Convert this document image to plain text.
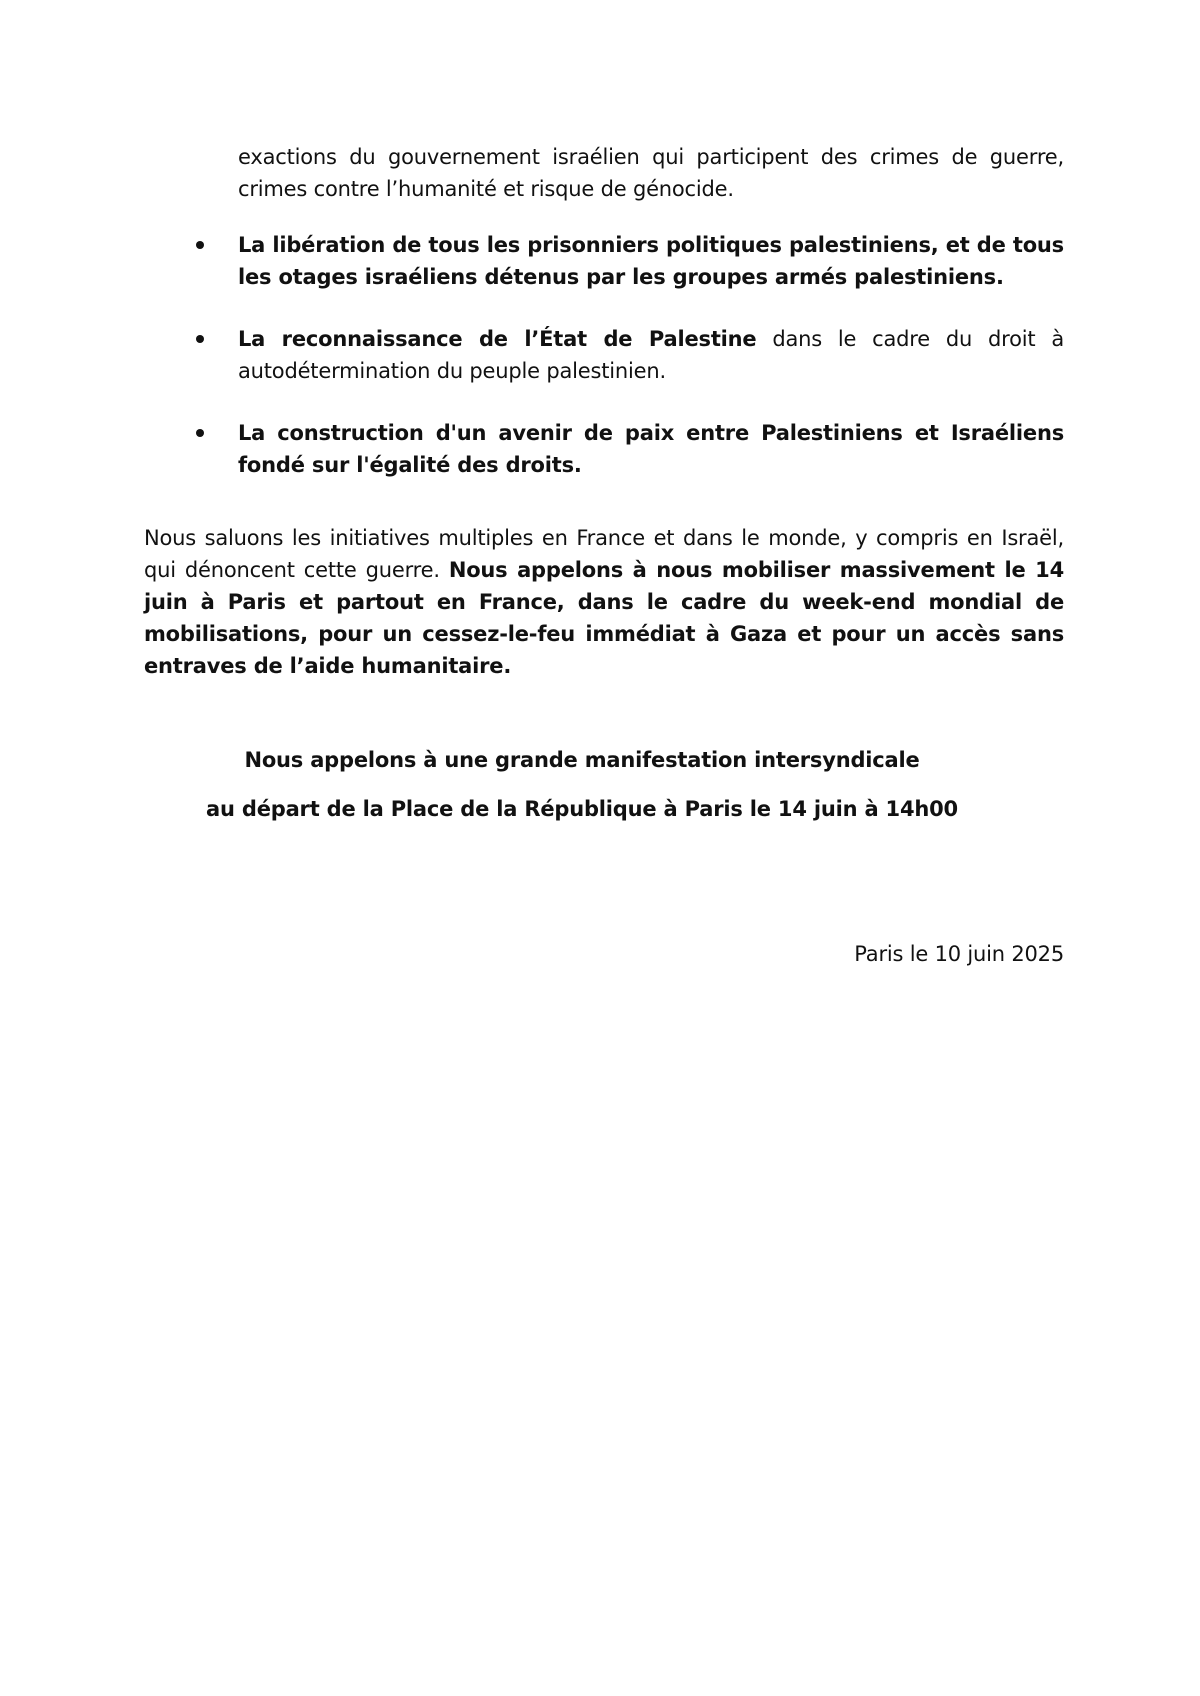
exactions du gouvernement israélien qui participent des crimes de guerre, crimes contre l’humanité et risque de génocide.
La libération de tous les prisonniers politiques palestiniens, et de tous les otages israéliens détenus par les groupes armés palestiniens.
La reconnaissance de l’État de Palestine dans le cadre du droit à autodétermination du peuple palestinien.
La construction d'un avenir de paix entre Palestiniens et Israéliens fondé sur l'égalité des droits.

Nous saluons les initiatives multiples en France et dans le monde, y compris en Israël, qui dénoncent cette guerre. Nous appelons à nous mobiliser massivement le 14 juin à Paris et partout en France, dans le cadre du week-end mondial de mobilisations, pour un cessez-le-feu immédiat à Gaza et pour un accès sans entraves de l’aide humanitaire.

Nous appelons à une grande manifestation intersyndicale
au départ de la Place de la République à Paris le 14 juin à 14h00
Paris le 10 juin 2025
